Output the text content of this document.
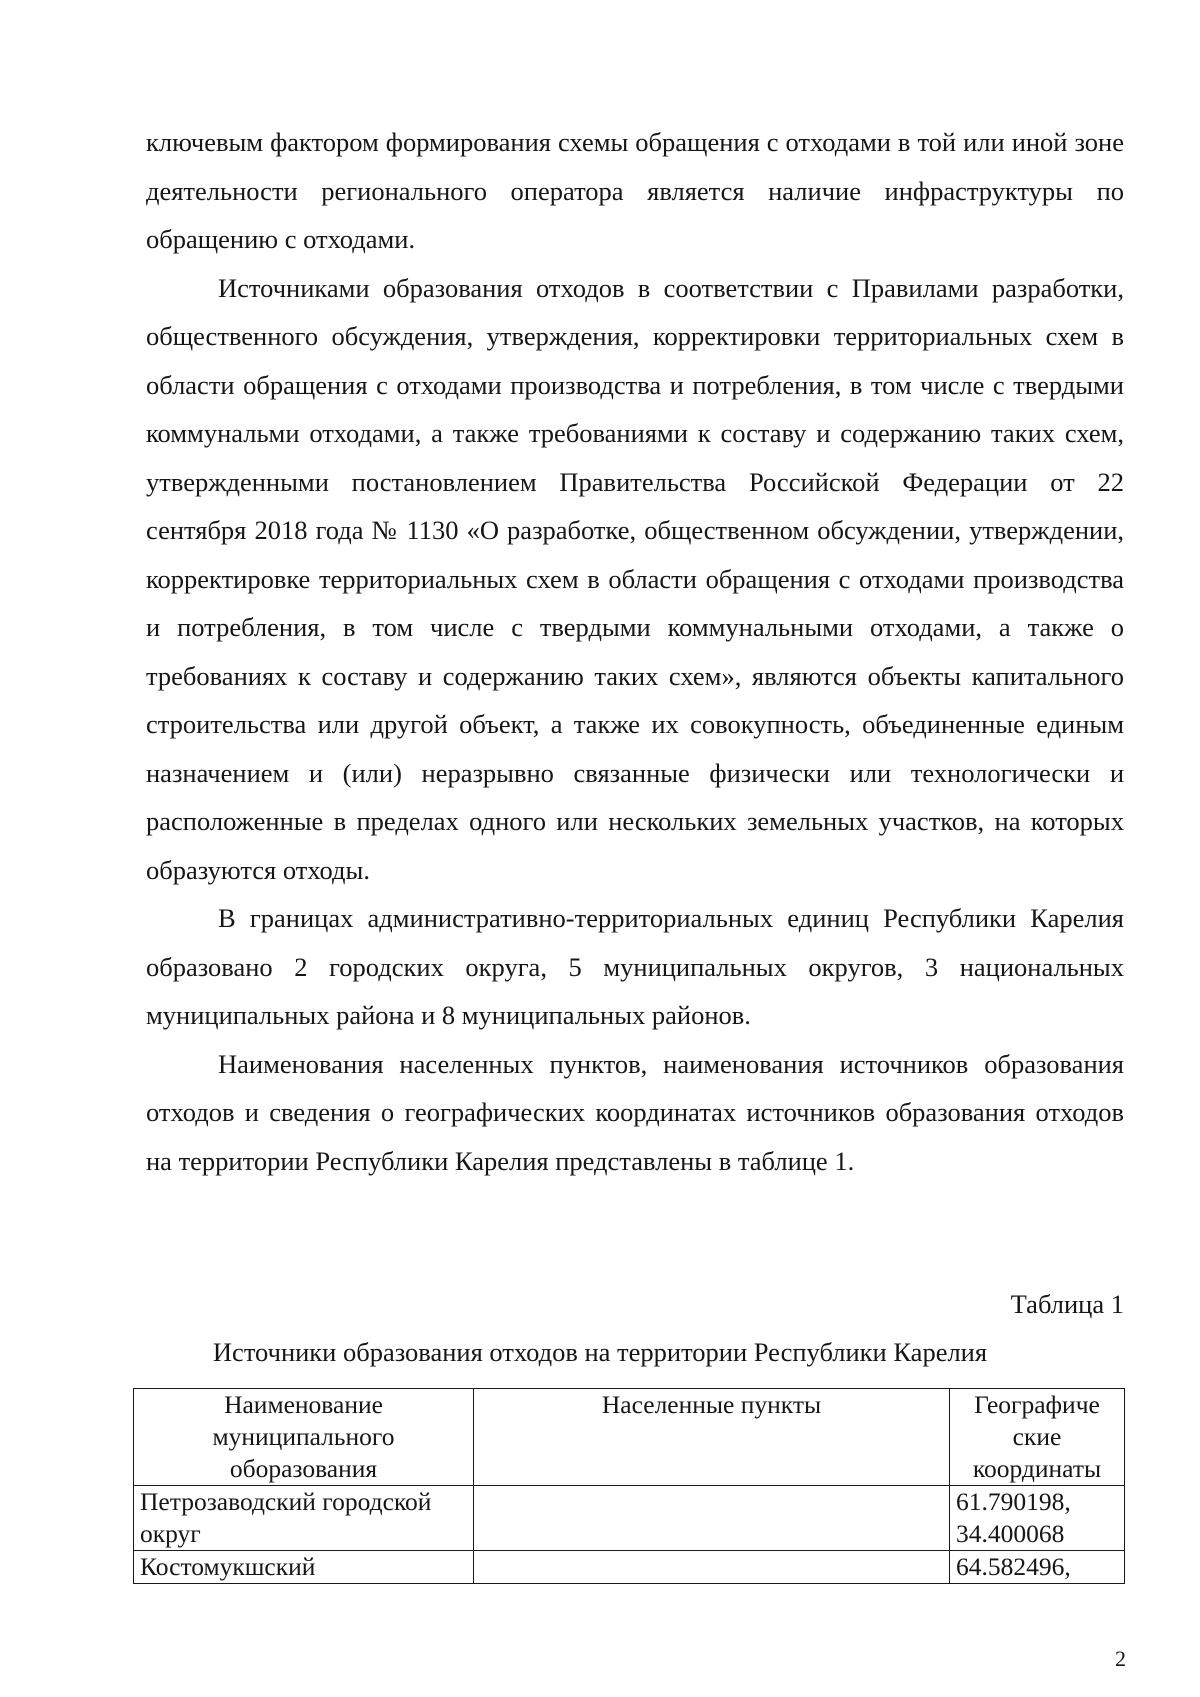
ключевым фактором формирования схемы обращения с отходами в той или иной зоне деятельности регионального оператора является наличие инфраструктуры по обращению с отходами.

Источниками образования отходов в соответствии с Правилами разработки, общественного обсуждения, утверждения, корректировки территориальных схем в области обращения с отходами производства и потребления, в том числе с твердыми коммунальми отходами, а также требованиями к составу и содержанию таких схем, утвержденными постановлением Правительства Российской Федерации от 22 сентября 2018 года № 1130 «О разработке, общественном обсуждении, утверждении, корректировке территориальных схем в области обращения с отходами производства и потребления, в том числе с твердыми коммунальными отходами, а также о требованиях к составу и содержанию таких схем», являются объекты капитального строительства или другой объект, а также их совокупность, объединенные единым назначением и (или) неразрывно связанные физически или технологически и расположенные в пределах одного или нескольких земельных участков, на которых образуются отходы.

В границах административно-территориальных единиц Республики Карелия образовано 2 городских округа, 5 муниципальных округов, 3 национальных муниципальных района и 8 муниципальных районов.

Наименования населенных пунктов, наименования источников образования отходов и сведения о географических координатах источников образования отходов на территории Республики Карелия представлены в таблице 1.

Таблица 1
Источники образования отходов на территории Республики Карелия
Наименование муниципального оборазования	Населенные пункты	Географиче ские координаты
Петрозаводский городской округ		61.790198, 34.400068
Костомукшский		64.582496,
2
